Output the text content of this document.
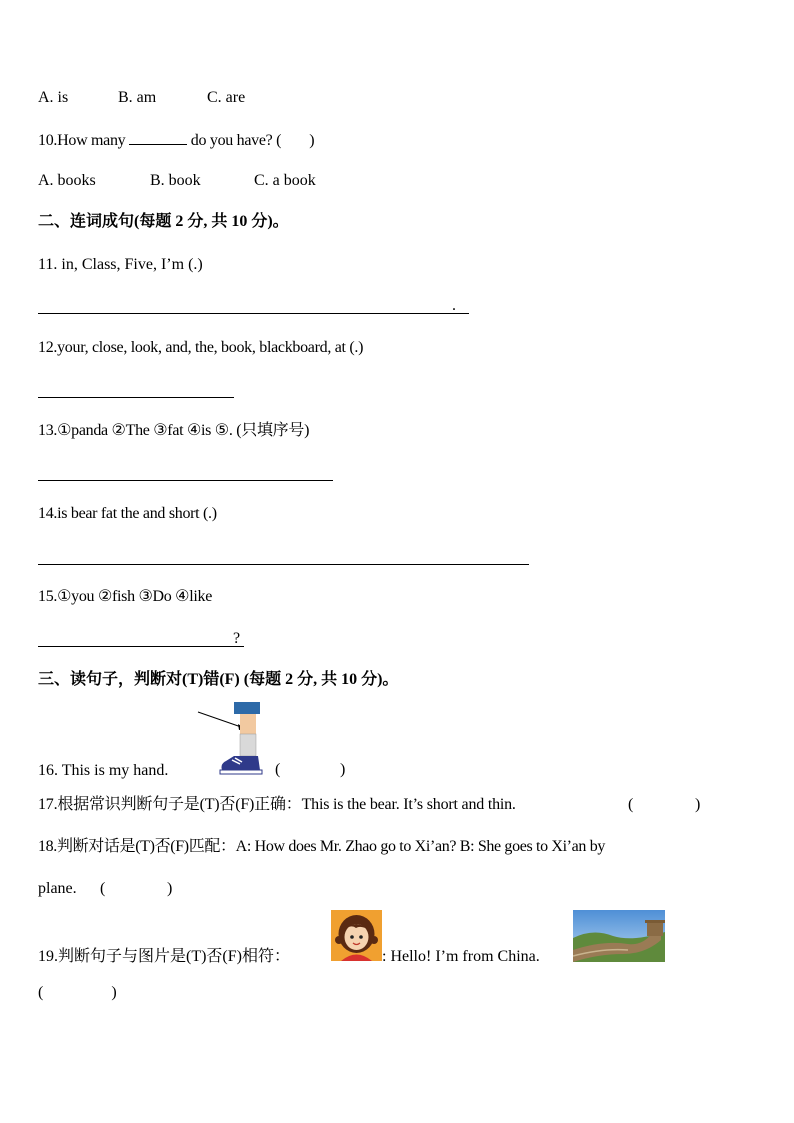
A. is	B. am	C. are
10.How many	do you have? ( )
A. books	B. book	C. a book
二、连词成句(每题 2 分, 共 10 分)。
11. in, Class, Five, I’m (.)
.
12.your, close, look, and, the, book, blackboard, at (.)
13.①panda ②The ③fat ④is ⑤. (只填序号)
14.is bear fat the and short (.)
15.①you ②fish ③Do ④like
?
三、读句子，判断对(T)错(F) (每题 2 分, 共 10 分)。
16. This is my hand.	(	)
17.根据常识判断句子是(T)否(F)正确：This is the bear. It’s short and thin.	(	)
18.判断对话是(T)否(F)匹配：A: How does Mr. Zhao go to Xi’an? B: She goes to Xi’an by
plane. (	)
19.判断句子与图片是(T)否(F)相符：	: Hello! I’m from China.
(	)
